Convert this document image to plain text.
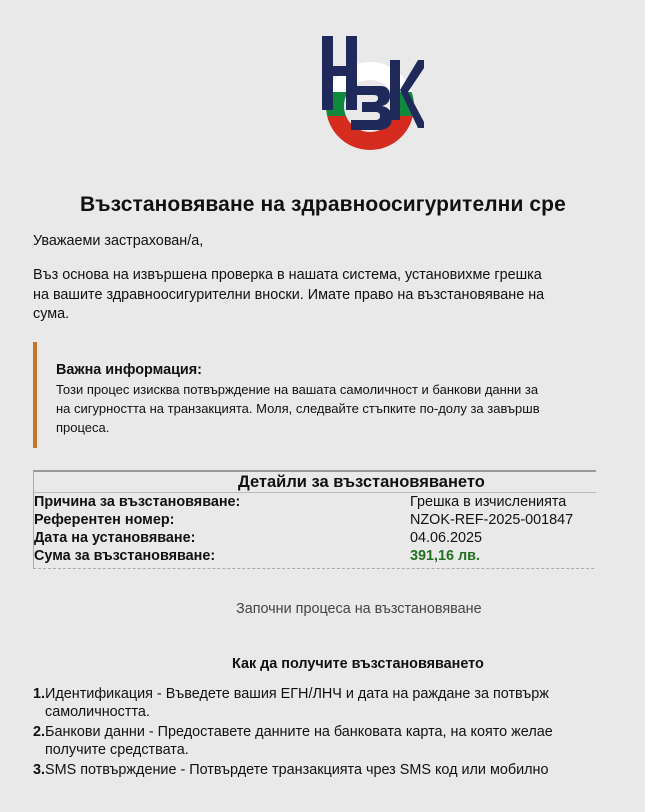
Възстановяване на здравноосигурителни сре
Уважаеми застрахован/а,
Въз основа на извършена проверка в нашата система, установихме грешка
на вашите здравноосигурителни вноски. Имате право на възстановяване на
сума.
Важна информация:
Този процес изисква потвърждение на вашата самоличност и банкови данни за
на сигурността на транзакцията. Моля, следвайте стъпките по-долу за завършв
процеса.
Детайли за възстановяването
Причина за възстановяване:	Грешка в изчисленията
Референтен номер:	NZOK-REF-2025-001847
Дата на установяване:	04.06.2025
Сума за възстановяване:	391,16 лв.
Започни процеса на възстановяване
Как да получите възстановяването
1.Идентификация - Въведете вашия ЕГН/ЛНЧ и дата на раждане за потвърж
самоличността.
2.Банкови данни - Предоставете данните на банковата карта, на която желае
получите средствата.
3.SMS потвърждение - Потвърдете транзакцията чрез SMS код или мобилно
